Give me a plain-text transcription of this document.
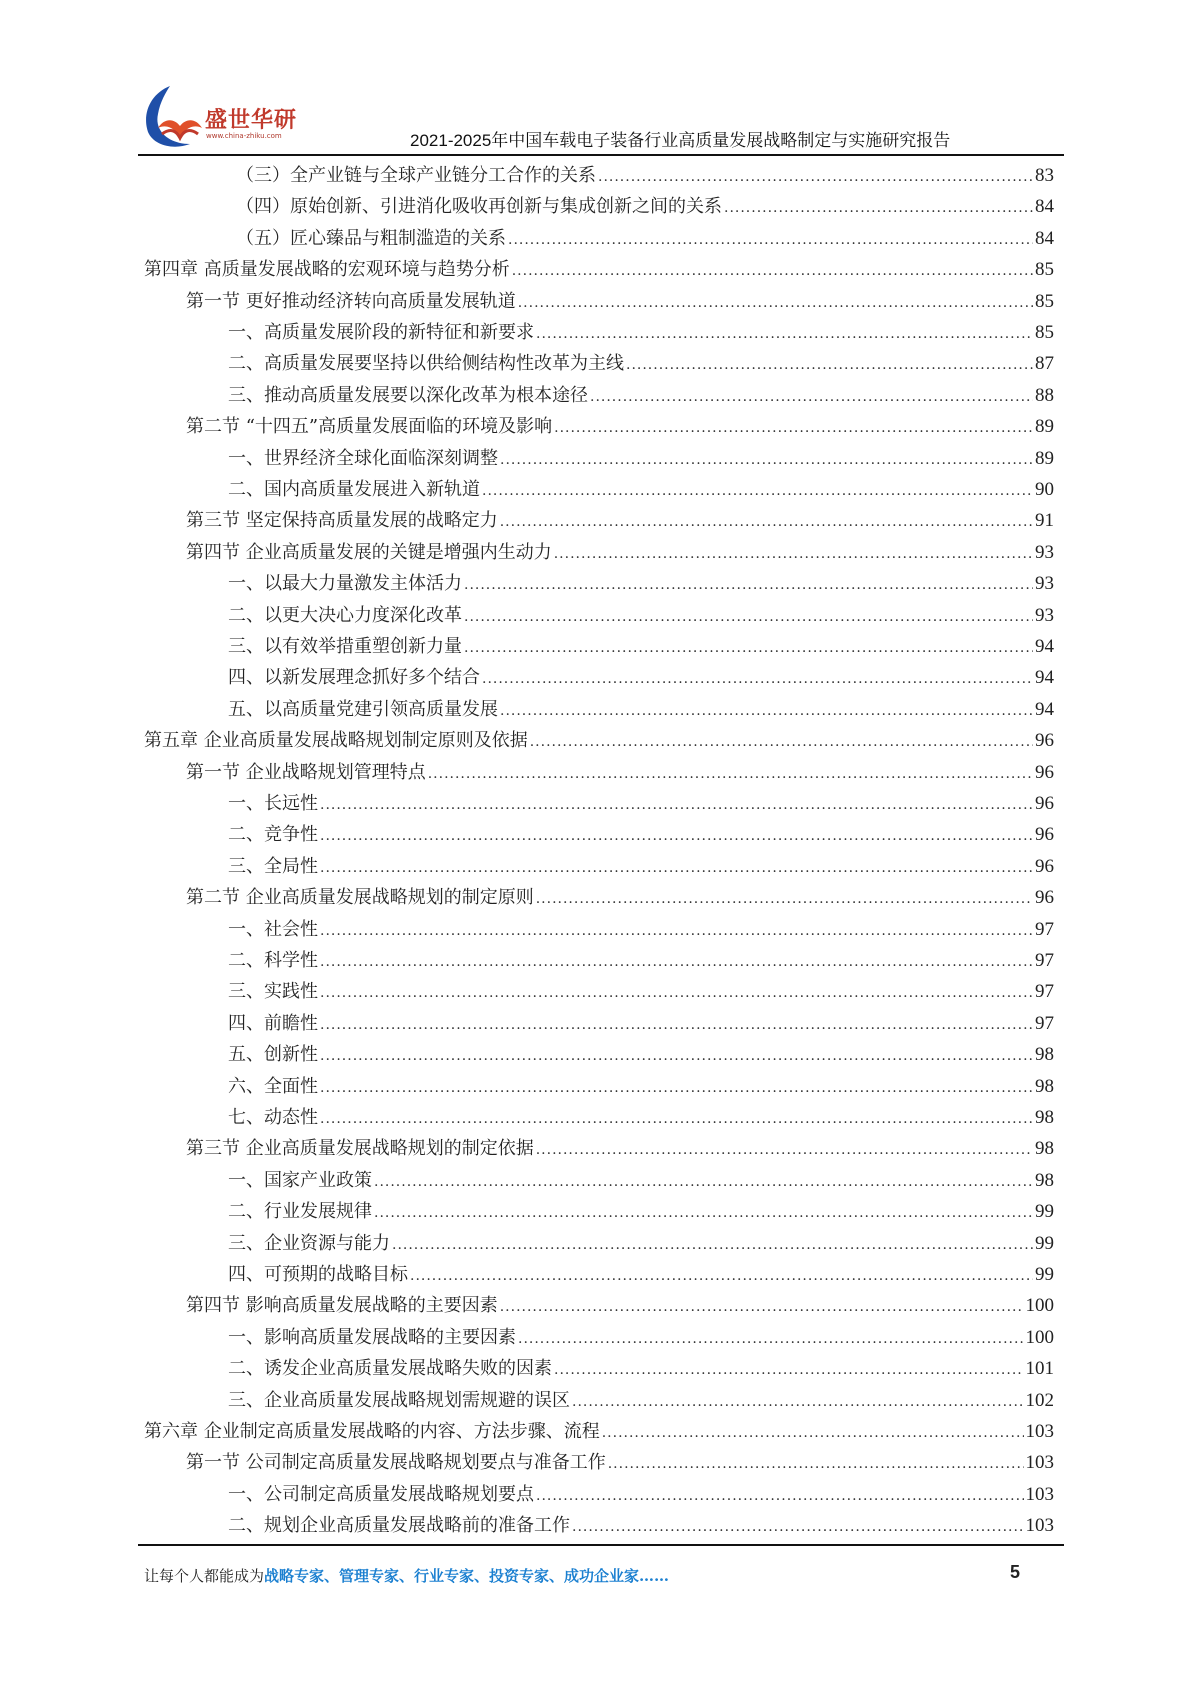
盛世华研
www.china-zhiku.com	2021-2025年中国车载电子装备行业高质量发展战略制定与实施研究报告
（三）全产业链与全球产业链分工合作的关系 .....	83
（四）原始创新、引进消化吸收再创新与集成创新之间的关系 .....	84
（五）匠心臻品与粗制滥造的关系 .....	84
第四章 高质量发展战略的宏观环境与趋势分析 .....	85
第一节 更好推动经济转向高质量发展轨道 .....	85
一、高质量发展阶段的新特征和新要求 .....	85
二、高质量发展要坚持以供给侧结构性改革为主线 .....	87
三、推动高质量发展要以深化改革为根本途径 .....	88
第二节 “十四五”高质量发展面临的环境及影响 .....	89
一、世界经济全球化面临深刻调整 .....	89
二、国内高质量发展进入新轨道 .....	90
第三节 坚定保持高质量发展的战略定力 .....	91
第四节 企业高质量发展的关键是增强内生动力 .....	93
一、以最大力量激发主体活力 .....	93
二、以更大决心力度深化改革 .....	93
三、以有效举措重塑创新力量 .....	94
四、以新发展理念抓好多个结合 .....	94
五、以高质量党建引领高质量发展 .....	94
第五章 企业高质量发展战略规划制定原则及依据 .....	96
第一节 企业战略规划管理特点 .....	96
一、长远性 .....	96
二、竞争性 .....	96
三、全局性 .....	96
第二节 企业高质量发展战略规划的制定原则 .....	96
一、社会性 .....	97
二、科学性 .....	97
三、实践性 .....	97
四、前瞻性 .....	97
五、创新性 .....	98
六、全面性 .....	98
七、动态性 .....	98
第三节 企业高质量发展战略规划的制定依据 .....	98
一、国家产业政策 .....	98
二、行业发展规律 .....	99
三、企业资源与能力 .....	99
四、可预期的战略目标 .....	99
第四节 影响高质量发展战略的主要因素 .....	100
一、影响高质量发展战略的主要因素 .....	100
二、诱发企业高质量发展战略失败的因素 .....	101
三、企业高质量发展战略规划需规避的误区 .....	102
第六章 企业制定高质量发展战略的内容、方法步骤、流程 .....	103
第一节 公司制定高质量发展战略规划要点与准备工作 .....	103
一、公司制定高质量发展战略规划要点 .....	103
二、规划企业高质量发展战略前的准备工作 .....	103
让每个人都能成为战略专家、管理专家、行业专家、投资专家、成功企业家……	5
